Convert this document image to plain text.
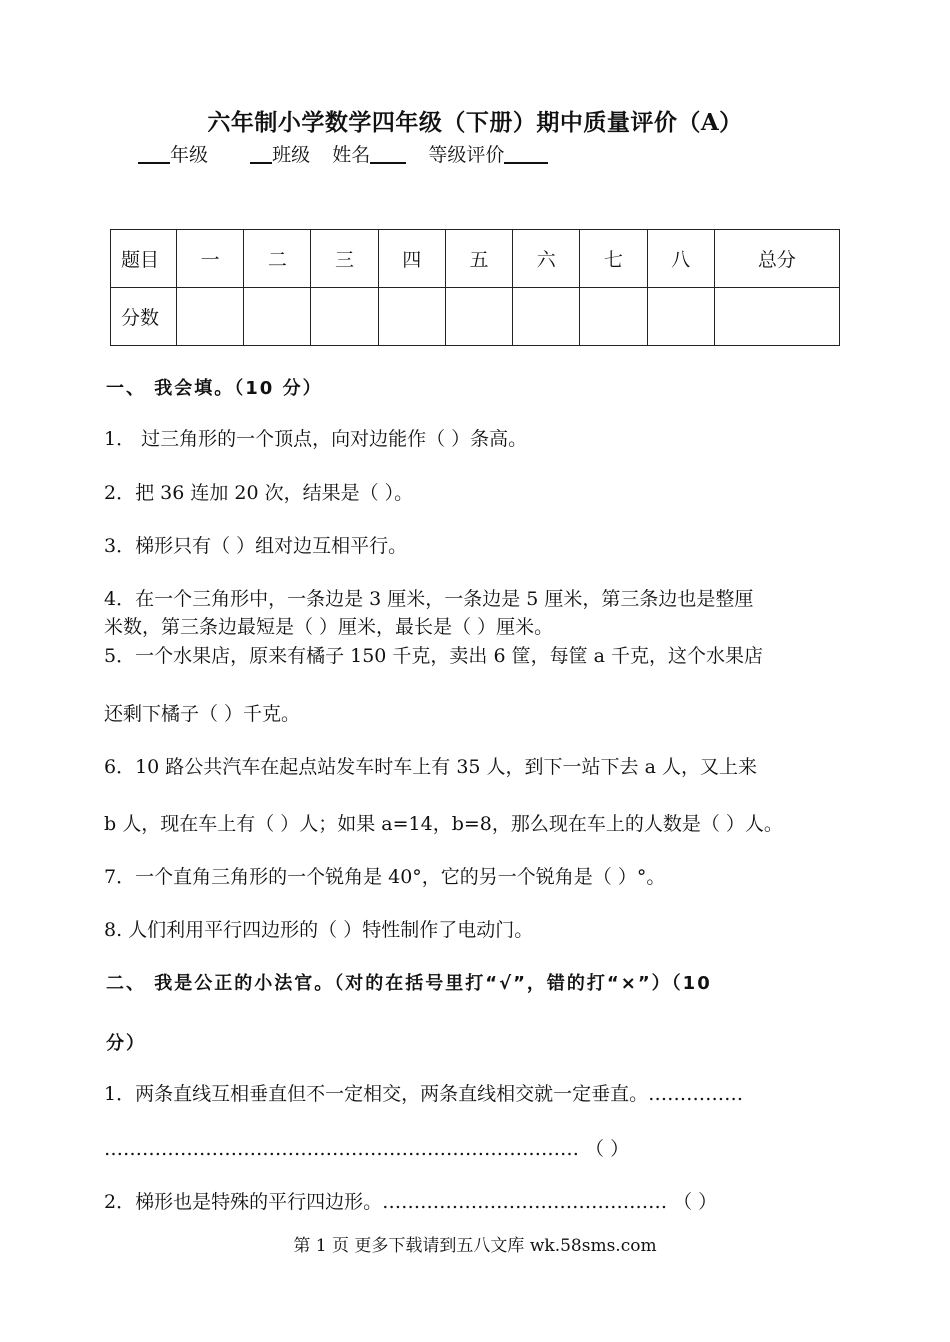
六年制小学数学四年级（下册）期中质量评价（A）
年级	班级 姓名	等级评价
题目	一	二	三	四	五	六	七	八	总分
分数									
一、 我会填。（10 分）
1． 过三角形的一个顶点，向对边能作（ ）条高。
2．把 36 连加 20 次，结果是（ ）。
3．梯形只有（ ）组对边互相平行。
4．在一个三角形中，一条边是 3 厘米，一条边是 5 厘米，第三条边也是整厘
米数，第三条边最短是（ ）厘米，最长是（ ）厘米。
5．一个水果店，原来有橘子 150 千克，卖出 6 筐，每筐 a 千克，这个水果店
还剩下橘子（ ）千克。
6．10 路公共汽车在起点站发车时车上有 35 人，到下一站下去 a 人，又上来
b 人，现在车上有（ ）人；如果 a=14，b=8，那么现在车上的人数是（ ）人。
7．一个直角三角形的一个锐角是 40°，它的另一个锐角是（ ）°。
8. 人们利用平行四边形的（ ）特性制作了电动门。
二、 我是公正的小法官。（对的在括号里打“√”，错的打“×”）（10
分）
1．两条直线互相垂直但不一定相交，两条直线相交就一定垂直。……………
………………………………………………………………… （ ）
2．梯形也是特殊的平行四边形。……………………………………… （ ）
第 1 页 更多下载请到五八文库 wk.58sms.com
